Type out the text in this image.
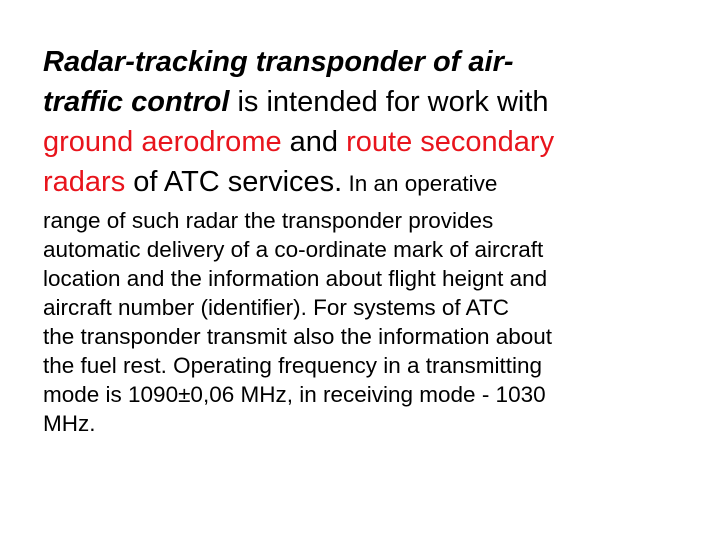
Radar-tracking transponder of air-
traffic control is intended for work with
ground aerodrome and route secondary
radars of ATC services. In an operative

range of such radar the transponder provides
automatic delivery of a co-ordinate mark of aircraft
location and the information about flight heignt and
aircraft number (identifier). For systems of ATC
the transponder transmit also the information about
the fuel rest. Operating frequency in a transmitting
mode is 1090±0,06 MHz, in receiving mode - 1030
MHz.
